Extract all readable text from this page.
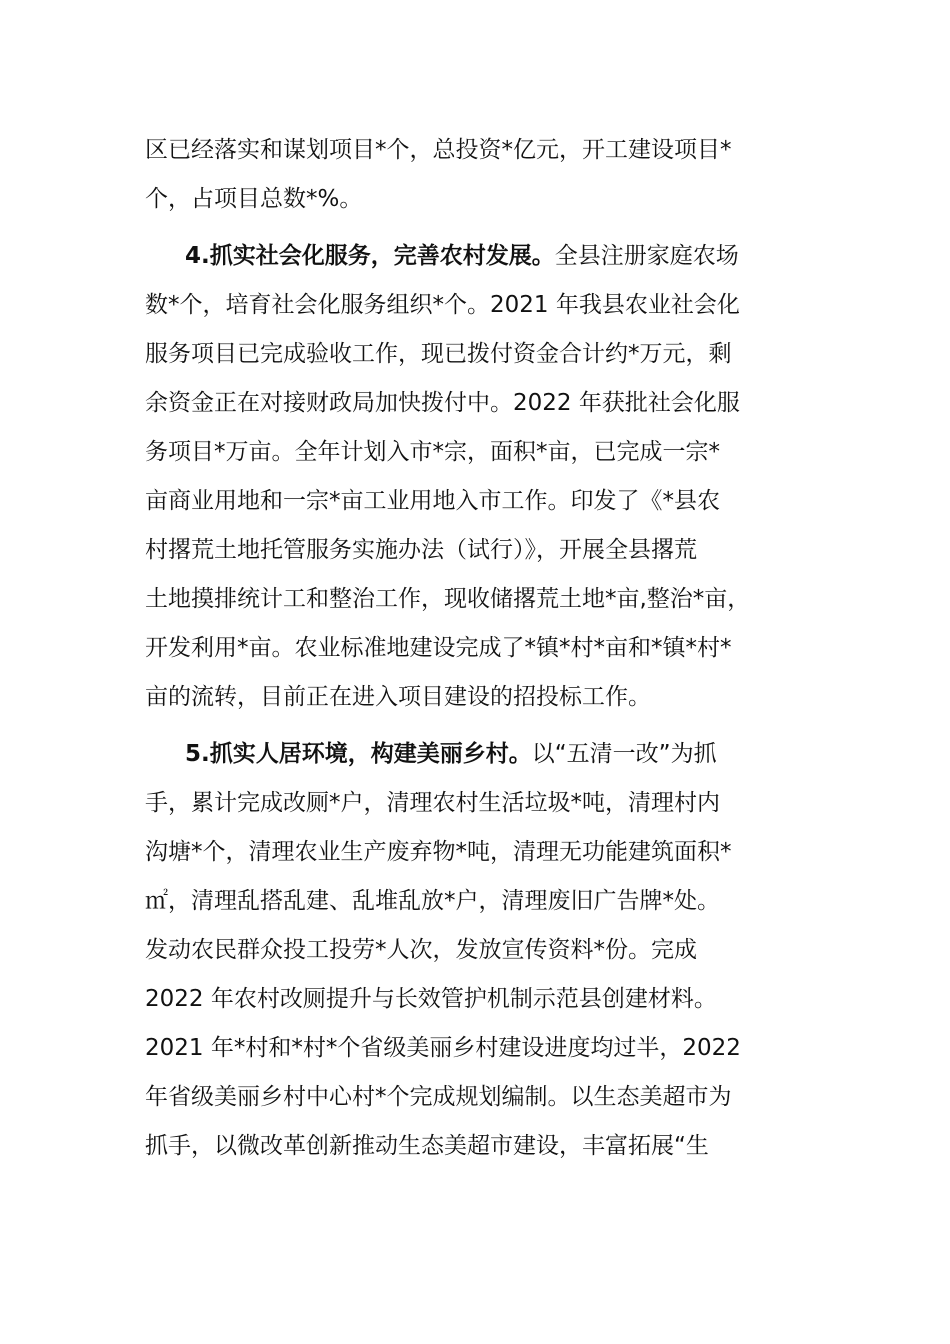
区已经落实和谋划项目*个，总投资*亿元，开工建设项目*
个，占项目总数*%。
4.抓实社会化服务，完善农村发展。全县注册家庭农场
数*个，培育社会化服务组织*个。2021 年我县农业社会化
服务项目已完成验收工作，现已拨付资金合计约*万元，剩
余资金正在对接财政局加快拨付中。2022 年获批社会化服
务项目*万亩。全年计划入市*宗，面积*亩，已完成一宗*
亩商业用地和一宗*亩工业用地入市工作。印发了《*县农
村撂荒土地托管服务实施办法（试行）》，开展全县撂荒
土地摸排统计工和整治工作，现收储撂荒土地*亩,整治*亩，
开发利用*亩。农业标准地建设完成了*镇*村*亩和*镇*村*
亩的流转，目前正在进入项目建设的招投标工作。
5.抓实人居环境，构建美丽乡村。以“五清一改”为抓
手，累计完成改厕*户，清理农村生活垃圾*吨，清理村内
沟塘*个，清理农业生产废弃物*吨，清理无功能建筑面积*
㎡，清理乱搭乱建、乱堆乱放*户，清理废旧广告牌*处。
发动农民群众投工投劳*人次，发放宣传资料*份。完成
2022 年农村改厕提升与长效管护机制示范县创建材料。
2021 年*村和*村*个省级美丽乡村建设进度均过半，2022
年省级美丽乡村中心村*个完成规划编制。以生态美超市为
抓手，以微改革创新推动生态美超市建设，丰富拓展“生
